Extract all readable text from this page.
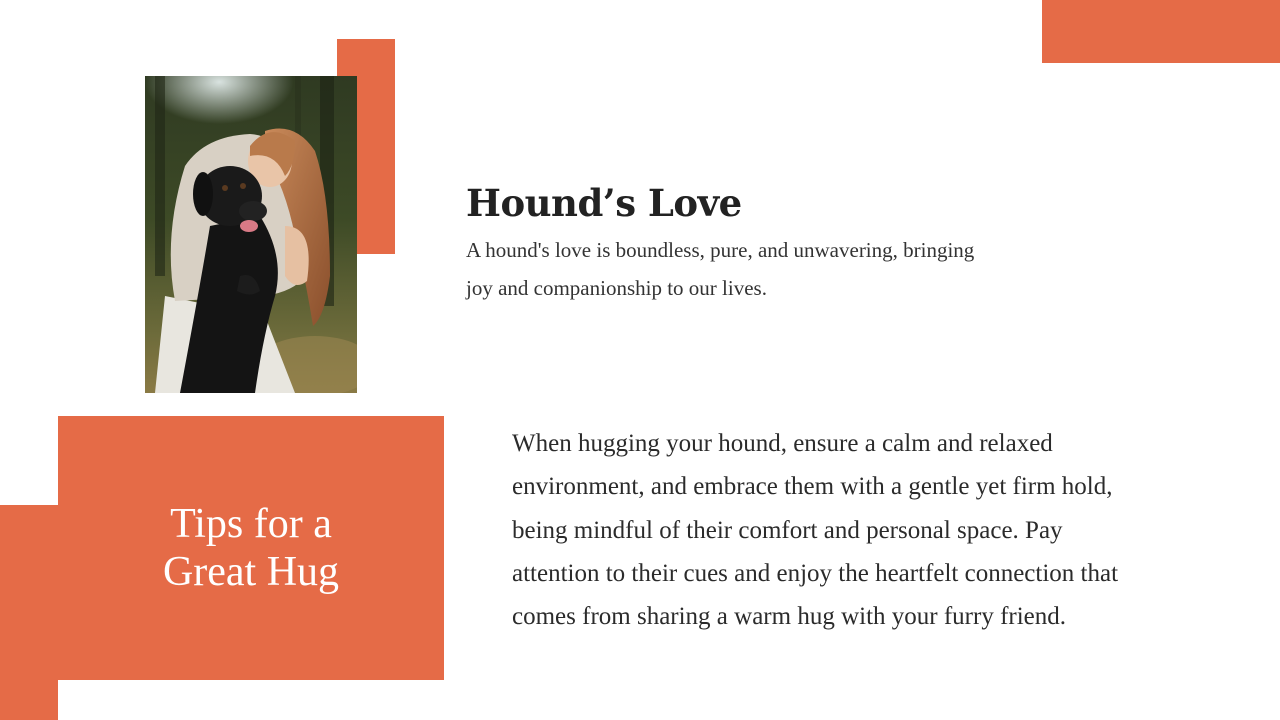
Hound’s Love

A hound's love is boundless, pure, and unwavering, bringing joy and companionship to our lives.

Tips for a
Great Hug

When hugging your hound, ensure a calm and relaxed environment, and embrace them with a gentle yet firm hold, being mindful of their comfort and personal space. Pay attention to their cues and enjoy the heartfelt connection that comes from sharing a warm hug with your furry friend.
